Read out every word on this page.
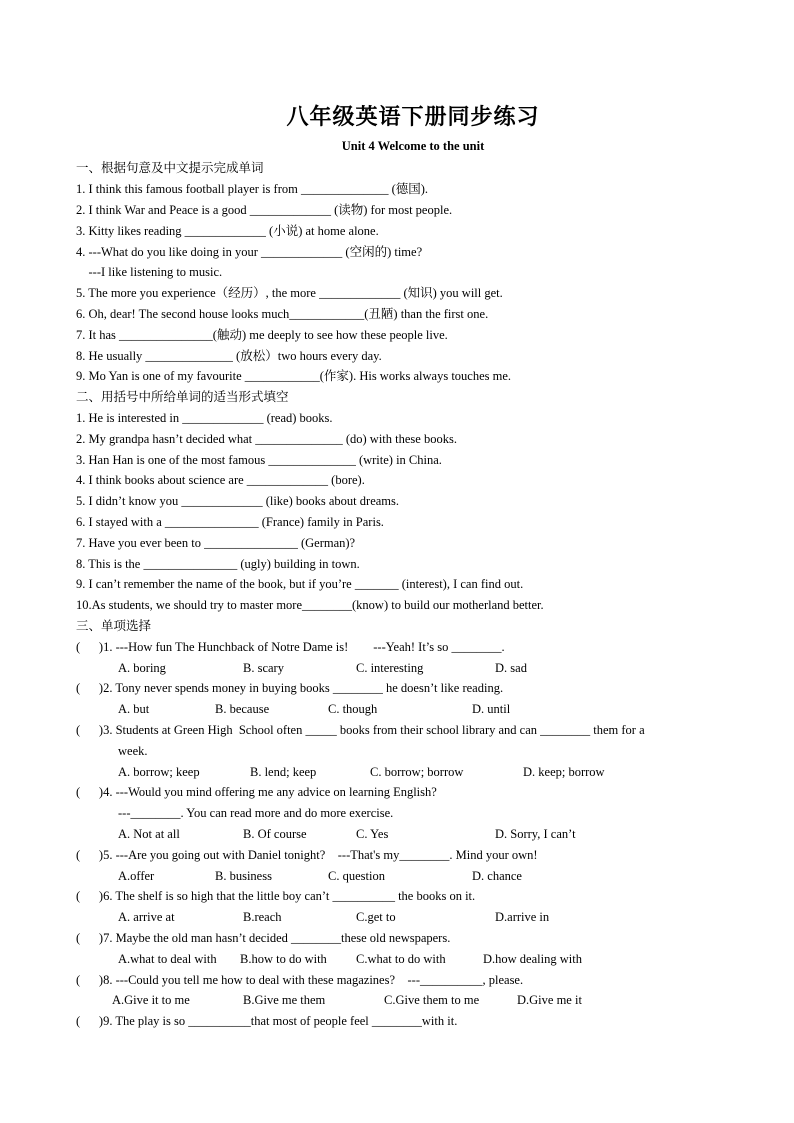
八年级英语下册同步练习
Unit 4 Welcome to the unit
一、根据句意及中文提示完成单词
1. I think this famous football player is from ______________ (德国).
2. I think War and Peace is a good _____________ (读物) for most people.
3. Kitty likes reading _____________ (小说) at home alone.
4. ---What do you like doing in your _____________ (空闲的) time?
---I like listening to music.
5. The more you experience（经历）, the more _____________ (知识) you will get.
6. Oh, dear! The second house looks much____________(丑陋) than the first one.
7. It has _______________(触动) me deeply to see how these people live.
8. He usually ______________ (放松）two hours every day.
9. Mo Yan is one of my favourite ____________(作家). His works always touches me.
二、用括号中所给单词的适当形式填空
1. He is interested in _____________ (read) books.
2. My grandpa hasn’t decided what ______________ (do) with these books.
3. Han Han is one of the most famous ______________ (write) in China.
4. I think books about science are _____________ (bore).
5. I didn’t know you _____________ (like) books about dreams.
6. I stayed with a _______________ (France) family in Paris.
7. Have you ever been to _______________ (German)?
8. This is the _______________ (ugly) building in town.
9. I can’t remember the name of the book, but if you’re _______ (interest), I can find out.
10.As students, we should try to master more________(know) to build our motherland better.
三、单项选择
(      )1. ---How fun The Hunchback of Notre Dame is!        ---Yeah! It’s so ________.
A. boring	B. scary	C. interesting	D. sad
(      )2. Tony never spends money in buying books ________ he doesn’t like reading.
A. but	B. because	C. though	D. until
(      )3. Students at Green High  School often _____ books from their school library and can ________ them for a
week.
A. borrow; keep	B. lend; keep	C. borrow; borrow	D. keep; borrow
(      )4. ---Would you mind offering me any advice on learning English?
---________. You can read more and do more exercise.
A. Not at all	B. Of course	C. Yes	D. Sorry, I can’t
(      )5. ---Are you going out with Daniel tonight?    ---That's my________. Mind your own!
A.offer	B. business	C. question	D. chance
(      )6. The shelf is so high that the little boy can’t __________ the books on it.
A. arrive at	B.reach	C.get to	D.arrive in
(      )7. Maybe the old man hasn’t decided ________these old newspapers.
A.what to deal with B.how to do with C.what to do with	D.how dealing with
(      )8. ---Could you tell me how to deal with these magazines?    ---__________, please.
A.Give it to me	B.Give me them	C.Give them to me	D.Give me it
(      )9. The play is so __________that most of people feel ________with it.
